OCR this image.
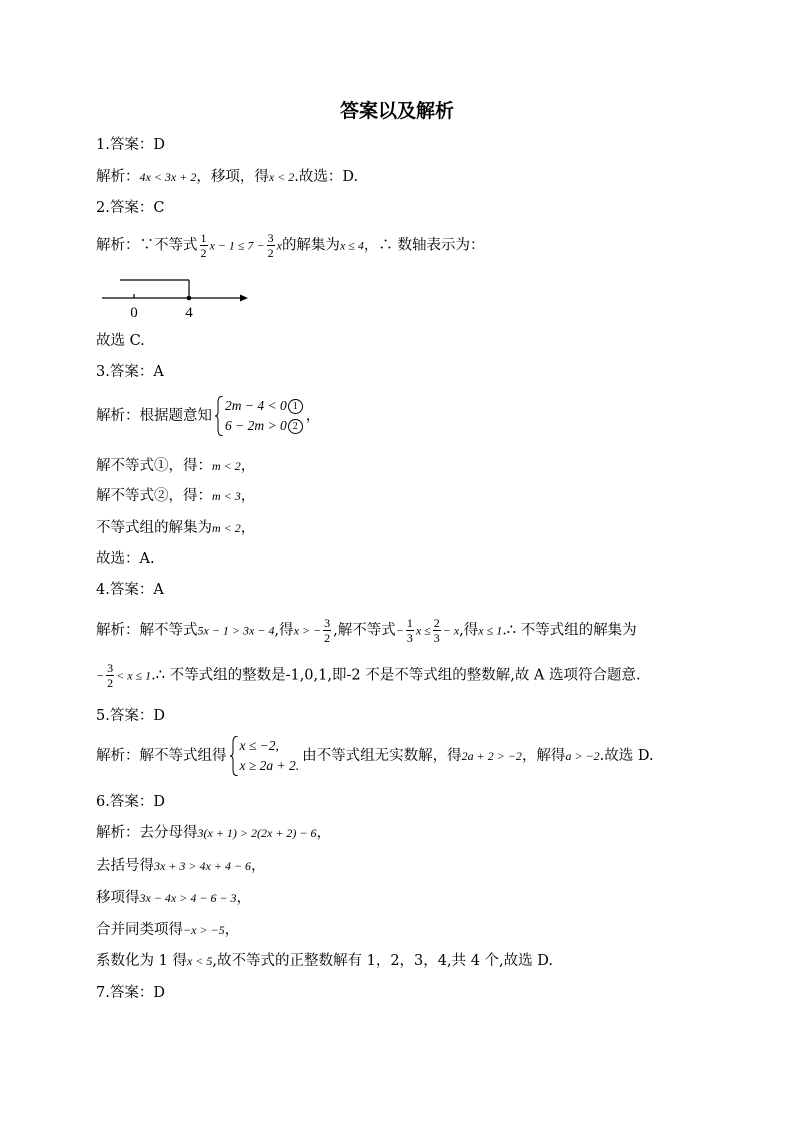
答案以及解析
1.答案：D
解析：4x < 3x + 2，移项，得x < 2.故选：D.
2.答案：C
解析：∵不等式 $\frac{1}{2}$ $x - 1 \le 7 - \frac{3}{2}$ x的解集为x ≤ 4，∴ 数轴表示为：
0	4
故选 C.
3.答案：A
解析：根据题意知
2m − 4 < 0 1
6 − 2m > 0 2
，
解不等式①，得：m < 2，
解不等式②，得：m < 3，
不等式组的解集为m < 2，
故选：A.
4.答案：A
解析：解不等式5x − 1 > 3x − 4,得x > − $\frac{3}{2}$ ,解不等式− $\frac{1}{3}$ $x \le \frac{2}{3} - x$,得x ≤ 1.∴ 不等式组的解集为
− $\frac{3}{2} < x$ ≤ 1.∴ 不等式组的整数是-1,0,1,即-2 不是不等式组的整数解,故 A 选项符合题意.
5.答案：D
解析：解不等式组得
x ≤ −2,
x ≥ 2a + 2.
由不等式组无实数解，得2a + 2 > −2，解得a > −2.故选 D.
6.答案：D
解析：去分母得3(x + 1) > 2(2x + 2) − 6，
去括号得3x + 3 > 4x + 4 − 6，
移项得3x − 4x > 4 − 6 − 3，
合并同类项得−x > −5，
系数化为 1 得x < 5,故不等式的正整数解有 1，2，3，4,共 4 个,故选 D.
7.答案：D
